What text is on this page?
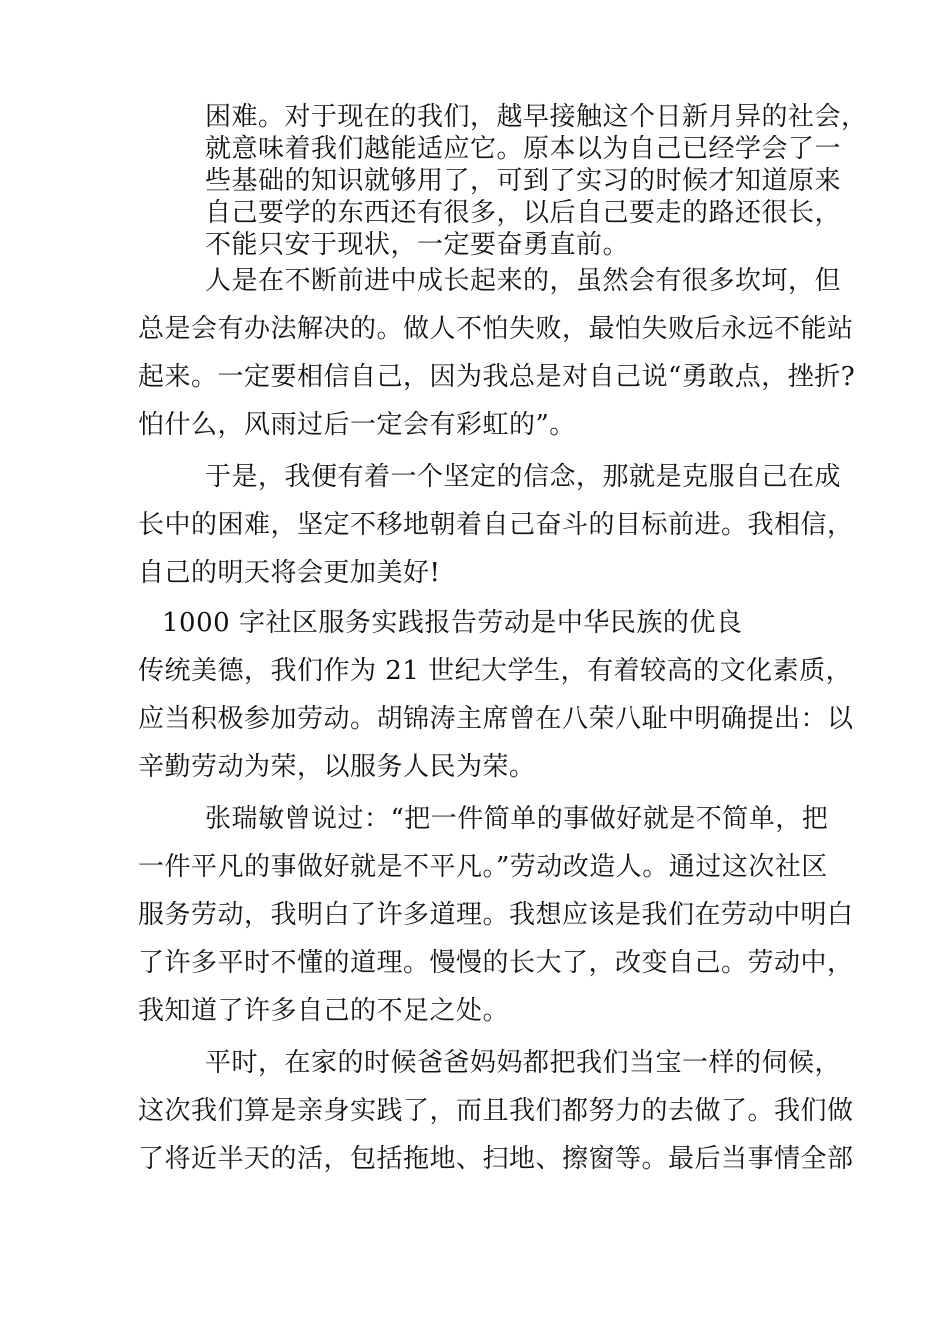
困难。对于现在的我们，越早接触这个日新月异的社会，
就意味着我们越能适应它。原本以为自己已经学会了一
些基础的知识就够用了，可到了实习的时候才知道原来
自己要学的东西还有很多，以后自己要走的路还很长，
不能只安于现状，一定要奋勇直前。
人是在不断前进中成长起来的，虽然会有很多坎坷，但
总是会有办法解决的。做人不怕失败，最怕失败后永远不能站
起来。一定要相信自己，因为我总是对自己说“勇敢点，挫折?
怕什么，风雨过后一定会有彩虹的”。
于是，我便有着一个坚定的信念，那就是克服自己在成
长中的困难，坚定不移地朝着自己奋斗的目标前进。我相信，
自己的明天将会更加美好!
1000 字社区服务实践报告劳动是中华民族的优良
传统美德，我们作为 21 世纪大学生，有着较高的文化素质，
应当积极参加劳动。胡锦涛主席曾在八荣八耻中明确提出：以
辛勤劳动为荣，以服务人民为荣。
张瑞敏曾说过：“把一件简单的事做好就是不简单，把
一件平凡的事做好就是不平凡。”劳动改造人。通过这次社区
服务劳动，我明白了许多道理。我想应该是我们在劳动中明白
了许多平时不懂的道理。慢慢的长大了，改变自己。劳动中，
我知道了许多自己的不足之处。
平时，在家的时候爸爸妈妈都把我们当宝一样的伺候，
这次我们算是亲身实践了，而且我们都努力的去做了。我们做
了将近半天的活，包括拖地、扫地、擦窗等。最后当事情全部
